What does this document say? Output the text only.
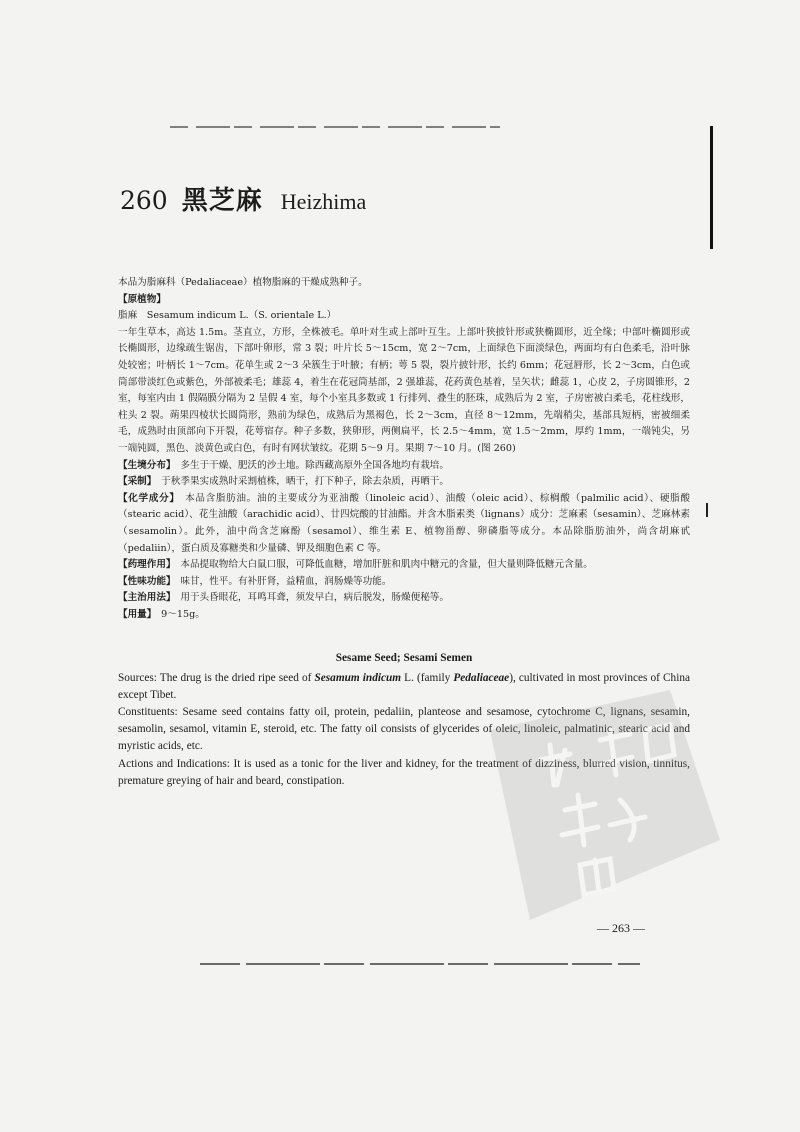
260 黑芝麻 Heizhima

本品为脂麻科（Pedaliaceae）植物脂麻的干燥成熟种子。

【原植物】

脂麻　Sesamum indicum L.（S. orientale L.）

一年生草本，高达 1.5m。茎直立，方形，全株被毛。单叶对生或上部叶互生。上部叶狭披针形或狭椭圆形，近全缘；中部叶椭圆形或长椭圆形，边缘疏生锯齿，下部叶卵形，常 3 裂；叶片长 5～15cm，宽 2～7cm，上面绿色下面淡绿色，两面均有白色柔毛，沿叶脉处较密；叶柄长 1～7cm。花单生或 2～3 朵簇生于叶腋；有柄；萼 5 裂，裂片披针形，长约 6mm；花冠唇形，长 2～3cm，白色或筒部带淡红色或紫色，外部被柔毛；雄蕊 4，着生在花冠筒基部，2 强雄蕊，花药黄色基着，呈矢状；雌蕊 1，心皮 2，子房圆锥形，2 室，每室内由 1 假隔膜分隔为 2 呈假 4 室，每个小室具多数或 1 行排列、叠生的胚珠，成熟后为 2 室，子房密被白柔毛，花柱线形，柱头 2 裂。蒴果四棱状长圆筒形，熟前为绿色，成熟后为黑褐色，长 2～3cm，直径 8～12mm，先端稍尖，基部具短柄，密被细柔毛，成熟时由顶部向下开裂，花萼宿存。种子多数，狭卵形，两侧扁平，长 2.5～4mm，宽 1.5～2mm，厚约 1mm，一端钝尖，另一端钝圆，黑色、淡黄色或白色，有时有网状皱纹。花期 5～9 月。果期 7～10 月。(图 260)

【生境分布】　多生于干燥、肥沃的沙土地。除西藏高原外全国各地均有栽培。

【采制】　于秋季果实成熟时采割植株，晒干，打下种子，除去杂质，再晒干。

【化学成分】　本品含脂肪油。油的主要成分为亚油酸（linoleic acid）、油酸（oleic acid）、棕榈酸（palmilic acid）、硬脂酸（stearic acid）、花生油酸（arachidic acid）、廿四烷酸的甘油酯。并含木脂素类（lignans）成分：芝麻素（sesamin）、芝麻林素（sesamolin）。此外，油中尚含芝麻酚（sesamol）、维生素 E、植物甾醇、卵磷脂等成分。本品除脂肪油外，尚含胡麻甙（pedaliin），蛋白质及寡糖类和少量磷、钾及细胞色素 C 等。

【药理作用】　本品提取物给大白鼠口服，可降低血糖，增加肝脏和肌肉中糖元的含量，但大量则降低糖元含量。

【性味功能】　味甘，性平。有补肝肾，益精血，润肠燥等功能。

【主治用法】　用于头昏眼花，耳鸣耳聋，须发早白，病后脱发，肠燥便秘等。

【用量】　9～15g。

Sesame Seed; Sesami Semen

Sources: The drug is the dried ripe seed of Sesamum indicum L. (family Pedaliaceae), cultivated in most provinces of China except Tibet.

Constituents: Sesame seed contains fatty oil, protein, pedaliin, planteose and sesamose, cytochrome C, lignans, sesamin, sesamolin, sesamol, vitamin E, steroid, etc. The fatty oil consists of glycerides of oleic, linoleic, palmatinic, stearic acid and myristic acids, etc.

Actions and Indications: It is used as a tonic for the liver and kidney, for the treatment of dizziness, blurred vision, tinnitus, premature greying of hair and beard, constipation.

— 263 —
